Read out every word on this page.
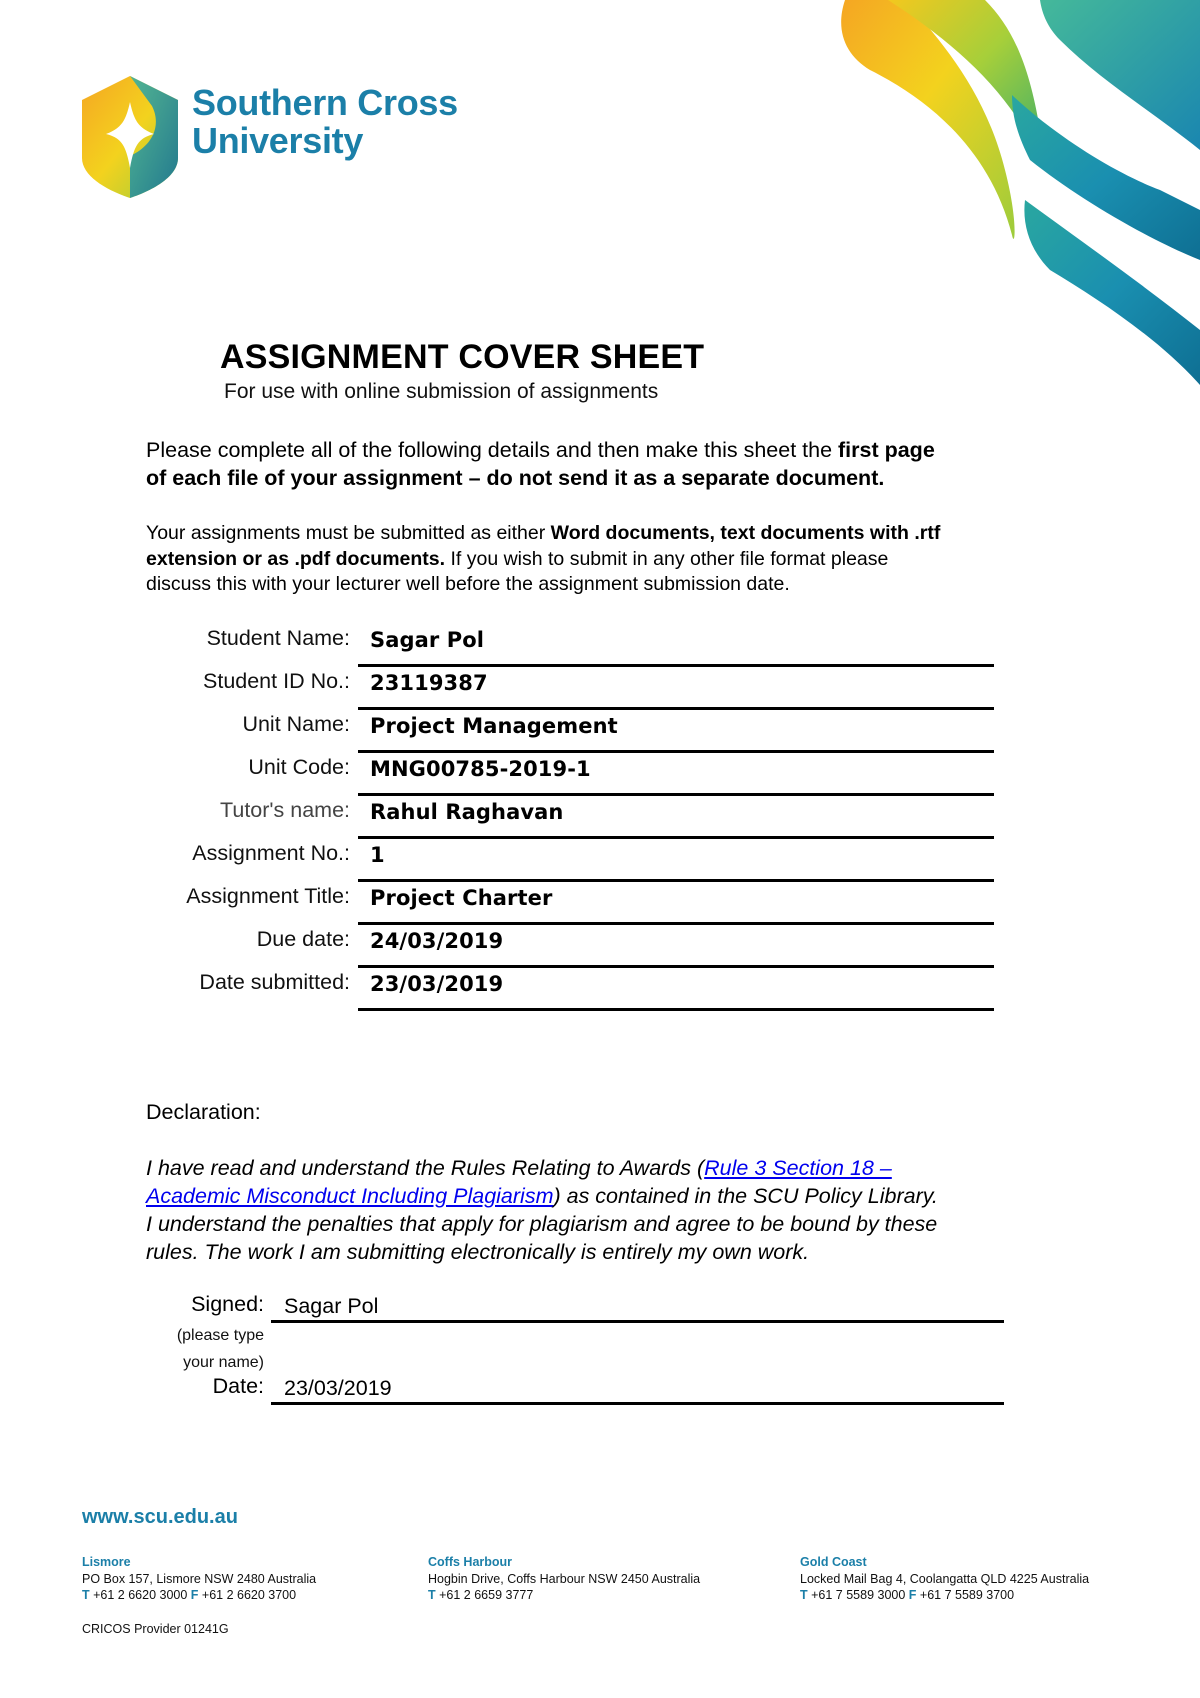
Southern Cross
University
ASSIGNMENT COVER SHEET
For use with online submission of assignments
Please complete all of the following details and then make this sheet the first page
of each file of your assignment – do not send it as a separate document.
Your assignments must be submitted as either Word documents, text documents with .rtf
extension or as .pdf documents. If you wish to submit in any other file format please
discuss this with your lecturer well before the assignment submission date.
Student Name: Sagar Pol
Student ID No.: 23119387
Unit Name: Project Management
Unit Code: MNG00785-2019-1
Tutor's name: Rahul Raghavan
Assignment No.: 1
Assignment Title: Project Charter
Due date: 24/03/2019
Date submitted: 23/03/2019
Declaration:
I have read and understand the Rules Relating to Awards (Rule 3 Section 18 –
Academic Misconduct Including Plagiarism) as contained in the SCU Policy Library.
I understand the penalties that apply for plagiarism and agree to be bound by these
rules. The work I am submitting electronically is entirely my own work.
Signed: Sagar Pol
(please type
your name)
Date: 23/03/2019
www.scu.edu.au
Lismore
PO Box 157, Lismore NSW 2480 Australia
T +61 2 6620 3000 F +61 2 6620 3700
Coffs Harbour
Hogbin Drive, Coffs Harbour NSW 2450 Australia
T +61 2 6659 3777
Gold Coast
Locked Mail Bag 4, Coolangatta QLD 4225 Australia
T +61 7 5589 3000 F +61 7 5589 3700
CRICOS Provider 01241G
